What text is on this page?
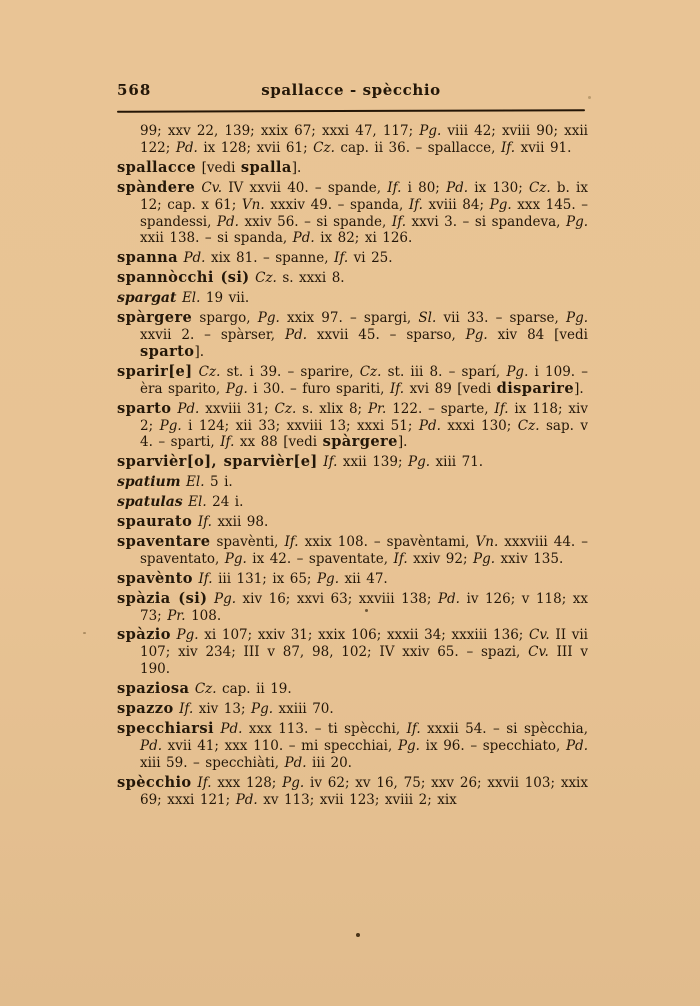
568	spallacce - spècchio

99; xxv 22, 139; xxix 67; xxxi 47, 117; Pg. viii 42; xviii 90; xxii 122; Pd. ix 128; xvii 61; Cz. cap. ii 36. – spallacce, If. xvii 91.

spallacce [vedi spalla].

spàndere Cv. IV xxvii 40. – spande, If. i 80; Pd. ix 130; Cz. b. ix 12; cap. x 61; Vn. xxxiv 49. – spanda, If. xviii 84; Pg. xxx 145. – spandessi, Pd. xxiv 56. – si spande, If. xxvi 3. – si spandeva, Pg. xxii 138. – si spanda, Pd. ix 82; xi 126.

spanna Pd. xix 81. – spanne, If. vi 25.

spannòcchi (si) Cz. s. xxxi 8.

spargat El. 19 vii.

spàrgere spargo, Pg. xxix 97. – spargi, Sl. vii 33. – sparse, Pg. xxvii 2. – spàrser, Pd. xxvii 45. – sparso, Pg. xiv 84 [vedi sparto].

sparir[e] Cz. st. i 39. – sparire, Cz. st. iii 8. – sparí, Pg. i 109. – èra sparito, Pg. i 30. – furo spariti, If. xvi 89 [vedi disparire].

sparto Pd. xxviii 31; Cz. s. xlix 8; Pr. 122. – sparte, If. ix 118; xiv 2; Pg. i 124; xii 33; xxviii 13; xxxi 51; Pd. xxxi 130; Cz. sap. v 4. – sparti, If. xx 88 [vedi spàrgere].

sparvièr[o], sparvièr[e] If. xxii 139; Pg. xiii 71.

spatium El. 5 i.

spatulas El. 24 i.

spaurato If. xxii 98.

spaventare spavènti, If. xxix 108. – spavèntami, Vn. xxxviii 44. – spaventato, Pg. ix 42. – spaventate, If. xxiv 92; Pg. xxiv 135.

spavènto If. iii 131; ix 65; Pg. xii 47.

spàzia (si) Pg. xiv 16; xxvi 63; xxviii 138; Pd. iv 126; v 118; xx 73; Pr. 108.

spàzio Pg. xi 107; xxiv 31; xxix 106; xxxii 34; xxxiii 136; Cv. II vii 107; xiv 234; III v 87, 98, 102; IV xxiv 65. – spazi, Cv. III v 190.

spaziosa Cz. cap. ii 19.

spazzo If. xiv 13; Pg. xxiii 70.

specchiarsi Pd. xxx 113. – ti spècchi, If. xxxii 54. – si spècchia, Pd. xvii 41; xxx 110. – mi specchiai, Pg. ix 96. – specchiato, Pd. xiii 59. – specchiàti, Pd. iii 20.

spècchio If. xxx 128; Pg. iv 62; xv 16, 75; xxv 26; xxvii 103; xxix 69; xxxi 121; Pd. xv 113; xvii 123; xviii 2; xix
